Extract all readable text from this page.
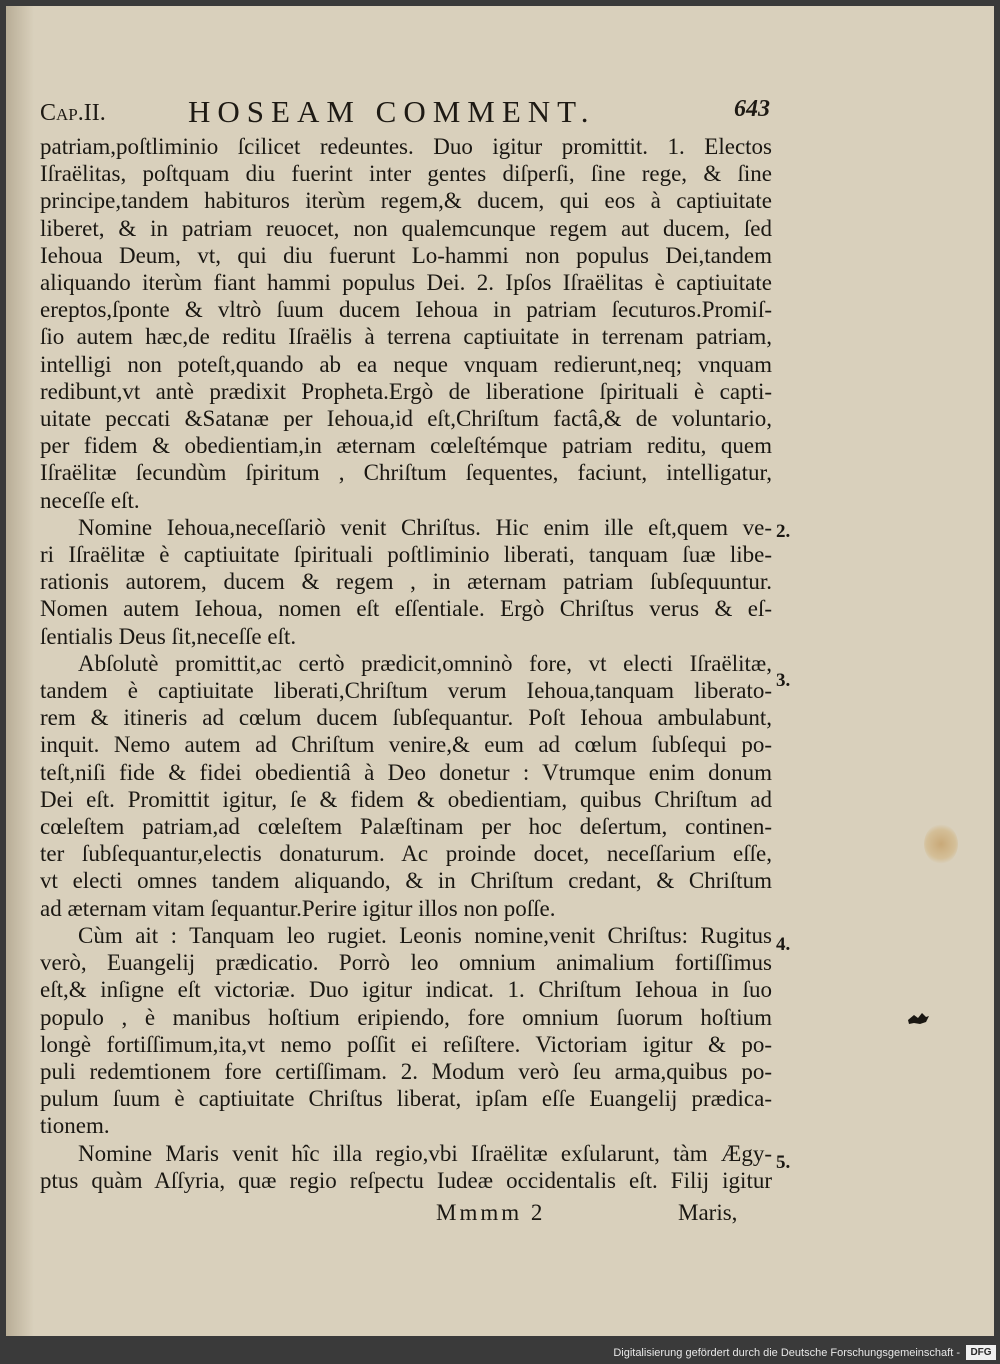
Cap.II.	HOSEAM COMMENT.	643
patriam,poſtliminio ſcilicet redeuntes. Duo igitur promittit. 1. Electos
Iſraëlitas, poſtquam diu fuerint inter gentes diſperſi, ſine rege, & ſine
principe,tandem habituros iterùm regem,& ducem, qui eos à captiuitate
liberet, & in patriam reuocet, non qualemcunque regem aut ducem, ſed
Iehoua Deum, vt, qui diu fuerunt Lo-hammi non populus Dei,tandem
aliquando iterùm fiant hammi populus Dei. 2. Ipſos Iſraëlitas è captiuitate
ereptos,ſponte & vltrò ſuum ducem Iehoua in patriam ſecuturos.Promiſ-
ſio autem hæc,de reditu Iſraëlis à terrena captiuitate in terrenam patriam,
intelligi non poteſt,quando ab ea neque vnquam redierunt,neq; vnquam
redibunt,vt antè prædixit Propheta.Ergò de liberatione ſpirituali è capti-
uitate peccati &Satanæ per Iehoua,id eſt,Chriſtum factâ,& de voluntario,
per fidem & obedientiam,in æternam cœleſtémque patriam reditu, quem
Iſraëlitæ ſecundùm ſpiritum , Chriſtum ſequentes, faciunt, intelligatur,
neceſſe eſt.
Nomine Iehoua,neceſſariò venit Chriſtus. Hic enim ille eſt,quem ve-
ri Iſraëlitæ è captiuitate ſpirituali poſtliminio liberati, tanquam ſuæ libe-
rationis autorem, ducem & regem , in æternam patriam ſubſequuntur.
Nomen autem Iehoua, nomen eſt eſſentiale. Ergò Chriſtus verus & eſ-
ſentialis Deus ſit,neceſſe eſt.
Abſolutè promittit,ac certò prædicit,omninò fore, vt electi Iſraëlitæ,
tandem è captiuitate liberati,Chriſtum verum Iehoua,tanquam liberato-
rem & itineris ad cœlum ducem ſubſequantur. Poſt Iehoua ambulabunt,
inquit. Nemo autem ad Chriſtum venire,& eum ad cœlum ſubſequi po-
teſt,niſi fide & fidei obedientiâ à Deo donetur : Vtrumque enim donum
Dei eſt. Promittit igitur, ſe & fidem & obedientiam, quibus Chriſtum ad
cœleſtem patriam,ad cœleſtem Palæſtinam per hoc deſertum, continen-
ter ſubſequantur,electis donaturum. Ac proinde docet, neceſſarium eſſe,
vt electi omnes tandem aliquando, & in Chriſtum credant, & Chriſtum
ad æternam vitam ſequantur.Perire igitur illos non poſſe.
Cùm ait : Tanquam leo rugiet. Leonis nomine,venit Chriſtus: Rugitus
verò, Euangelij prædicatio. Porrò leo omnium animalium fortiſſimus
eſt,& inſigne eſt victoriæ. Duo igitur indicat. 1. Chriſtum Iehoua in ſuo
populo , è manibus hoſtium eripiendo, fore omnium ſuorum hoſtium
longè fortiſſimum,ita,vt nemo poſſit ei reſiſtere. Victoriam igitur & po-
puli redemtionem fore certiſſimam. 2. Modum verò ſeu arma,quibus po-
pulum ſuum è captiuitate Chriſtus liberat, ipſam eſſe Euangelij prædica-
tionem.
Nomine Maris venit hîc illa regio,vbi Iſraëlitæ exſularunt, tàm Ægy-
ptus quàm Aſſyria, quæ regio reſpectu Iudeæ occidentalis eſt. Filij igitur
2.
3.
4.
5.
Mmmm 2	Maris,
Digitalisierung gefördert durch die Deutsche Forschungsgemeinschaft -	DFG
